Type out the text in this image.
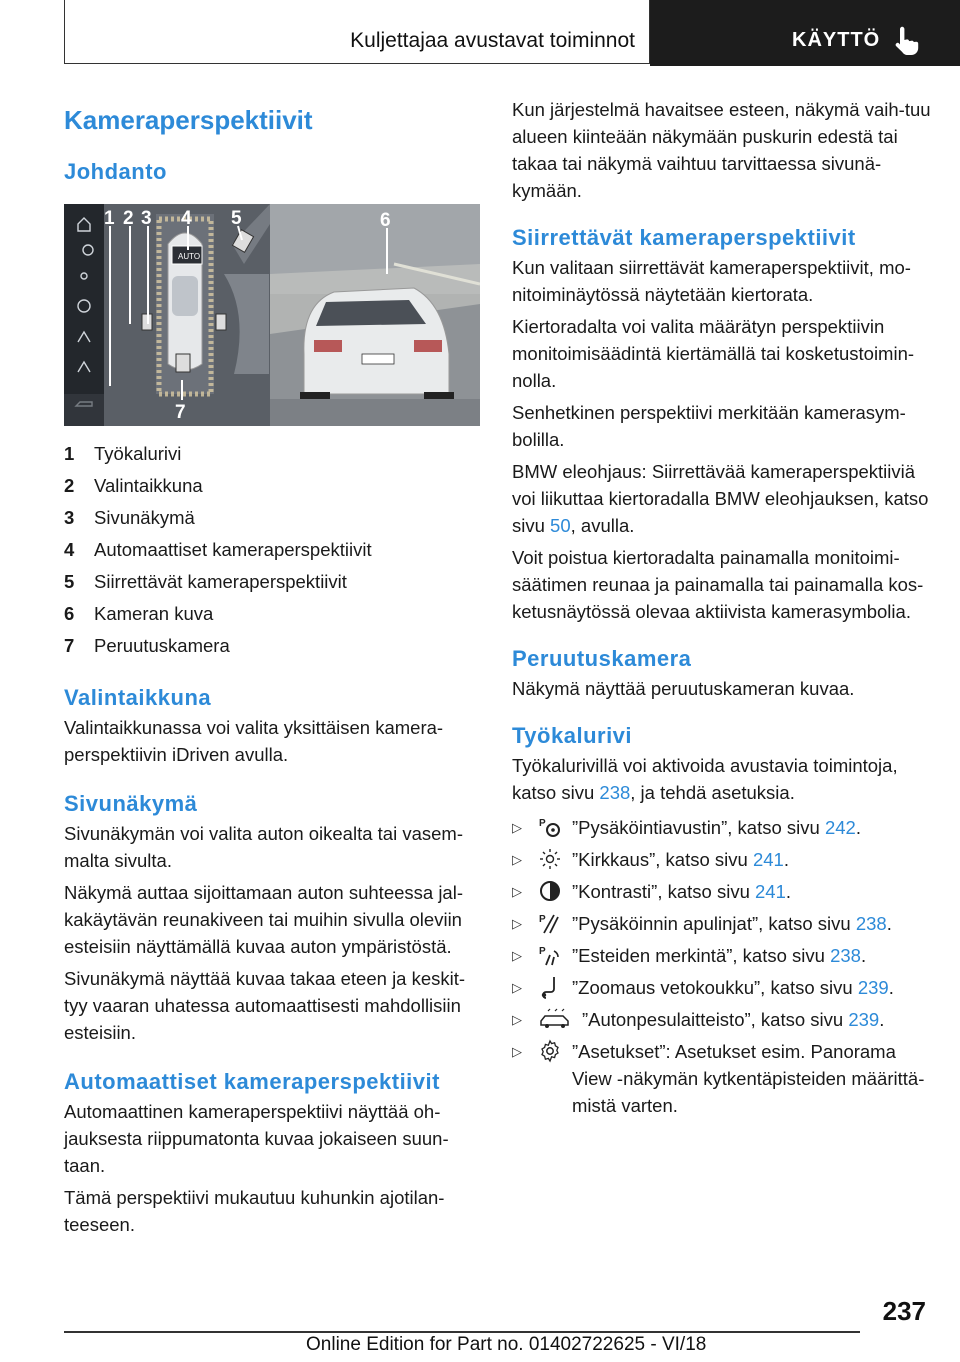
Kuljettajaa avustavat toiminnot	KÄYTTÖ
Kameraperspektiivit
Johdanto
AUTO
1 2 3 4 5	6
7
1	Työkalurivi
2	Valintaikkuna
3	Sivunäkymä
4	Automaattiset kameraperspektiivit
5	Siirrettävät kameraperspektiivit
6	Kameran kuva
7	Peruutuskamera
Valintaikkuna
Valintaikkunassa voi valita yksittäisen kamera-perspektiivin iDriven avulla.
Sivunäkymä
Sivunäkymän voi valita auton oikealta tai vasem-malta sivulta.
Näkymä auttaa sijoittamaan auton suhteessa jal-kakäytävän reunakiveen tai muihin sivulla oleviin esteisiin näyttämällä kuvaa auton ympäristöstä.
Sivunäkymä näyttää kuvaa takaa eteen ja keskit-tyy vaaran uhatessa automaattisesti mahdollisiin esteisiin.
Automaattiset kameraperspektiivit
Automaattinen kameraperspektiivi näyttää oh-jauksesta riippumatonta kuvaa jokaiseen suun-taan.
Tämä perspektiivi mukautuu kuhunkin ajotilan-teeseen.
Kun järjestelmä havaitsee esteen, näkymä vaih-tuu alueen kiinteään näkymään puskurin edestä tai takaa tai näkymä vaihtuu tarvittaessa sivunä-kymään.
Siirrettävät kameraperspektiivit
Kun valitaan siirrettävät kameraperspektiivit, mo-nitoiminäytössä näytetään kiertorata.
Kiertoradalta voi valita määrätyn perspektiivin monitoimisäädintä kiertämällä tai kosketustoimin-nolla.
Senhetkinen perspektiivi merkitään kamerasym-bolilla.
BMW eleohjaus: Siirrettävää kameraperspektiiviä voi liikuttaa kiertoradalla BMW eleohjauksen, katso sivu 50, avulla.
Voit poistua kiertoradalta painamalla monitoimi-säätimen reunaa ja painamalla tai painamalla kos-ketusnäytössä olevaa aktiivista kamerasymbolia.
Peruutuskamera
Näkymä näyttää peruutuskameran kuvaa.
Työkalurivi
Työkalurivillä voi aktivoida avustavia toimintoja, katso sivu 238, ja tehdä asetuksia.
▷	P ”Pysäköintiavustin”, katso sivu 242.
▷	”Kirkkaus”, katso sivu 241.
▷	”Kontrasti”, katso sivu 241.
▷	P ”Pysäköinnin apulinjat”, katso sivu 238.
▷	P ”Esteiden merkintä”, katso sivu 238.
▷	”Zoomaus vetokoukku”, katso sivu 239.
▷	”Autonpesulaitteisto”, katso sivu 239.
▷	”Asetukset”: Asetukset esim. Panorama View -näkymän kytkentäpisteiden määrittä-mistä varten.
237
Online Edition for Part no. 01402722625 - VI/18
